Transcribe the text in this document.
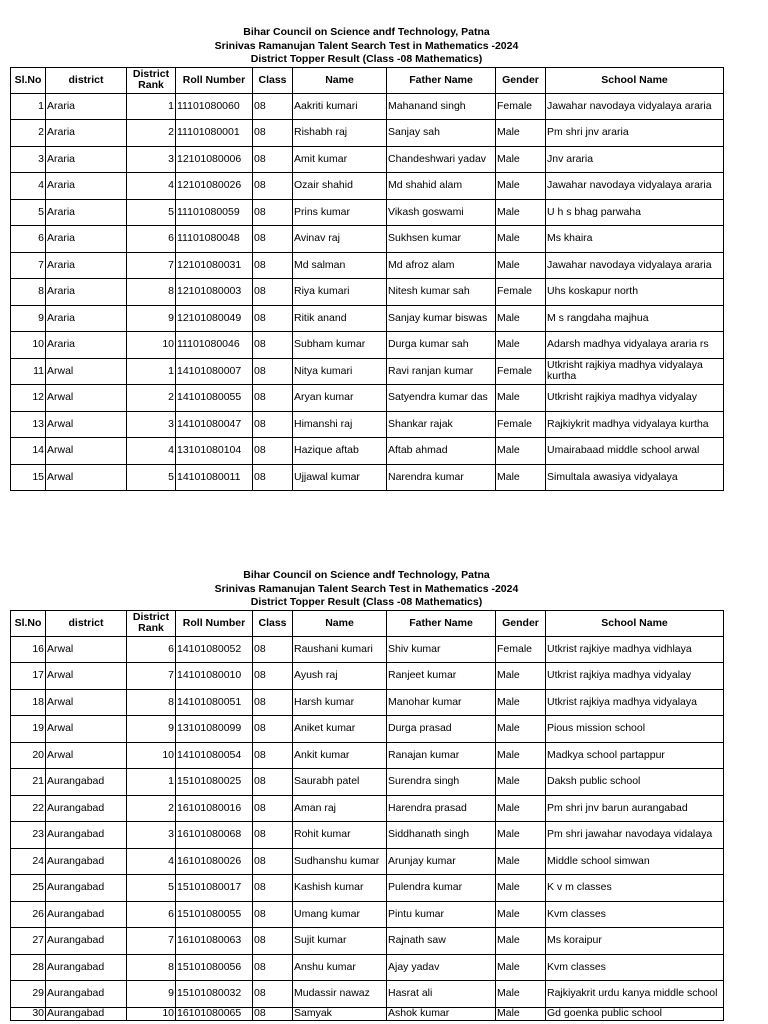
Bihar Council on Science andf Technology, Patna
Srinivas Ramanujan Talent Search Test in Mathematics -2024
District Topper Result (Class -08 Mathematics)
Sl.No	district	District Rank	Roll Number	Class	Name	Father Name	Gender	School Name
1	Araria	1	11101080060	08	Aakriti kumari	Mahanand singh	Female	Jawahar navodaya vidyalaya araria
2	Araria	2	11101080001	08	Rishabh raj	Sanjay sah	Male	Pm shri jnv araria
3	Araria	3	12101080006	08	Amit kumar	Chandeshwari yadav	Male	Jnv araria
4	Araria	4	12101080026	08	Ozair shahid	Md shahid alam	Male	Jawahar navodaya vidyalaya araria
5	Araria	5	11101080059	08	Prins kumar	Vikash goswami	Male	U h s bhag parwaha
6	Araria	6	11101080048	08	Avinav raj	Sukhsen kumar	Male	Ms khaira
7	Araria	7	12101080031	08	Md salman	Md afroz alam	Male	Jawahar navodaya vidyalaya araria
8	Araria	8	12101080003	08	Riya kumari	Nitesh kumar sah	Female	Uhs koskapur north
9	Araria	9	12101080049	08	Ritik anand	Sanjay kumar biswas	Male	M s rangdaha majhua
10	Araria	10	11101080046	08	Subham kumar	Durga kumar sah	Male	Adarsh madhya vidyalaya araria rs
11	Arwal	1	14101080007	08	Nitya kumari	Ravi ranjan kumar	Female	Utkrisht rajkiya madhya vidyalaya kurtha
12	Arwal	2	14101080055	08	Aryan kumar	Satyendra kumar das	Male	Utkrisht rajkiya madhya vidyalay
13	Arwal	3	14101080047	08	Himanshi raj	Shankar rajak	Female	Rajkiykrit madhya vidyalaya kurtha
14	Arwal	4	13101080104	08	Hazique aftab	Aftab ahmad	Male	Umairabaad middle school arwal
15	Arwal	5	14101080011	08	Ujjawal kumar	Narendra kumar	Male	Simultala awasiya vidyalaya
Bihar Council on Science andf Technology, Patna
Srinivas Ramanujan Talent Search Test in Mathematics -2024
District Topper Result (Class -08 Mathematics)
Sl.No	district	District Rank	Roll Number	Class	Name	Father Name	Gender	School Name
16	Arwal	6	14101080052	08	Raushani kumari	Shiv kumar	Female	Utkrist rajkiye madhya vidhlaya
17	Arwal	7	14101080010	08	Ayush raj	Ranjeet kumar	Male	Utkrist rajkiya madhya vidyalay
18	Arwal	8	14101080051	08	Harsh kumar	Manohar kumar	Male	Utkrist rajkiya madhya vidyalaya
19	Arwal	9	13101080099	08	Aniket kumar	Durga prasad	Male	Pious mission school
20	Arwal	10	14101080054	08	Ankit kumar	Ranajan kumar	Male	Madkya school partappur
21	Aurangabad	1	15101080025	08	Saurabh patel	Surendra singh	Male	Daksh public school
22	Aurangabad	2	16101080016	08	Aman raj	Harendra prasad	Male	Pm shri jnv barun aurangabad
23	Aurangabad	3	16101080068	08	Rohit kumar	Siddhanath singh	Male	Pm shri jawahar navodaya vidalaya
24	Aurangabad	4	16101080026	08	Sudhanshu kumar	Arunjay kumar	Male	Middle school simwan
25	Aurangabad	5	15101080017	08	Kashish kumar	Pulendra kumar	Male	K v m classes
26	Aurangabad	6	15101080055	08	Umang kumar	Pintu kumar	Male	Kvm classes
27	Aurangabad	7	16101080063	08	Sujit kumar	Rajnath saw	Male	Ms koraipur
28	Aurangabad	8	15101080056	08	Anshu kumar	Ajay yadav	Male	Kvm classes
29	Aurangabad	9	15101080032	08	Mudassir nawaz	Hasrat ali	Male	Rajkiyakrit urdu kanya middle school
30	Aurangabad	10	16101080065	08	Samyak	Ashok kumar	Male	Gd goenka public school
